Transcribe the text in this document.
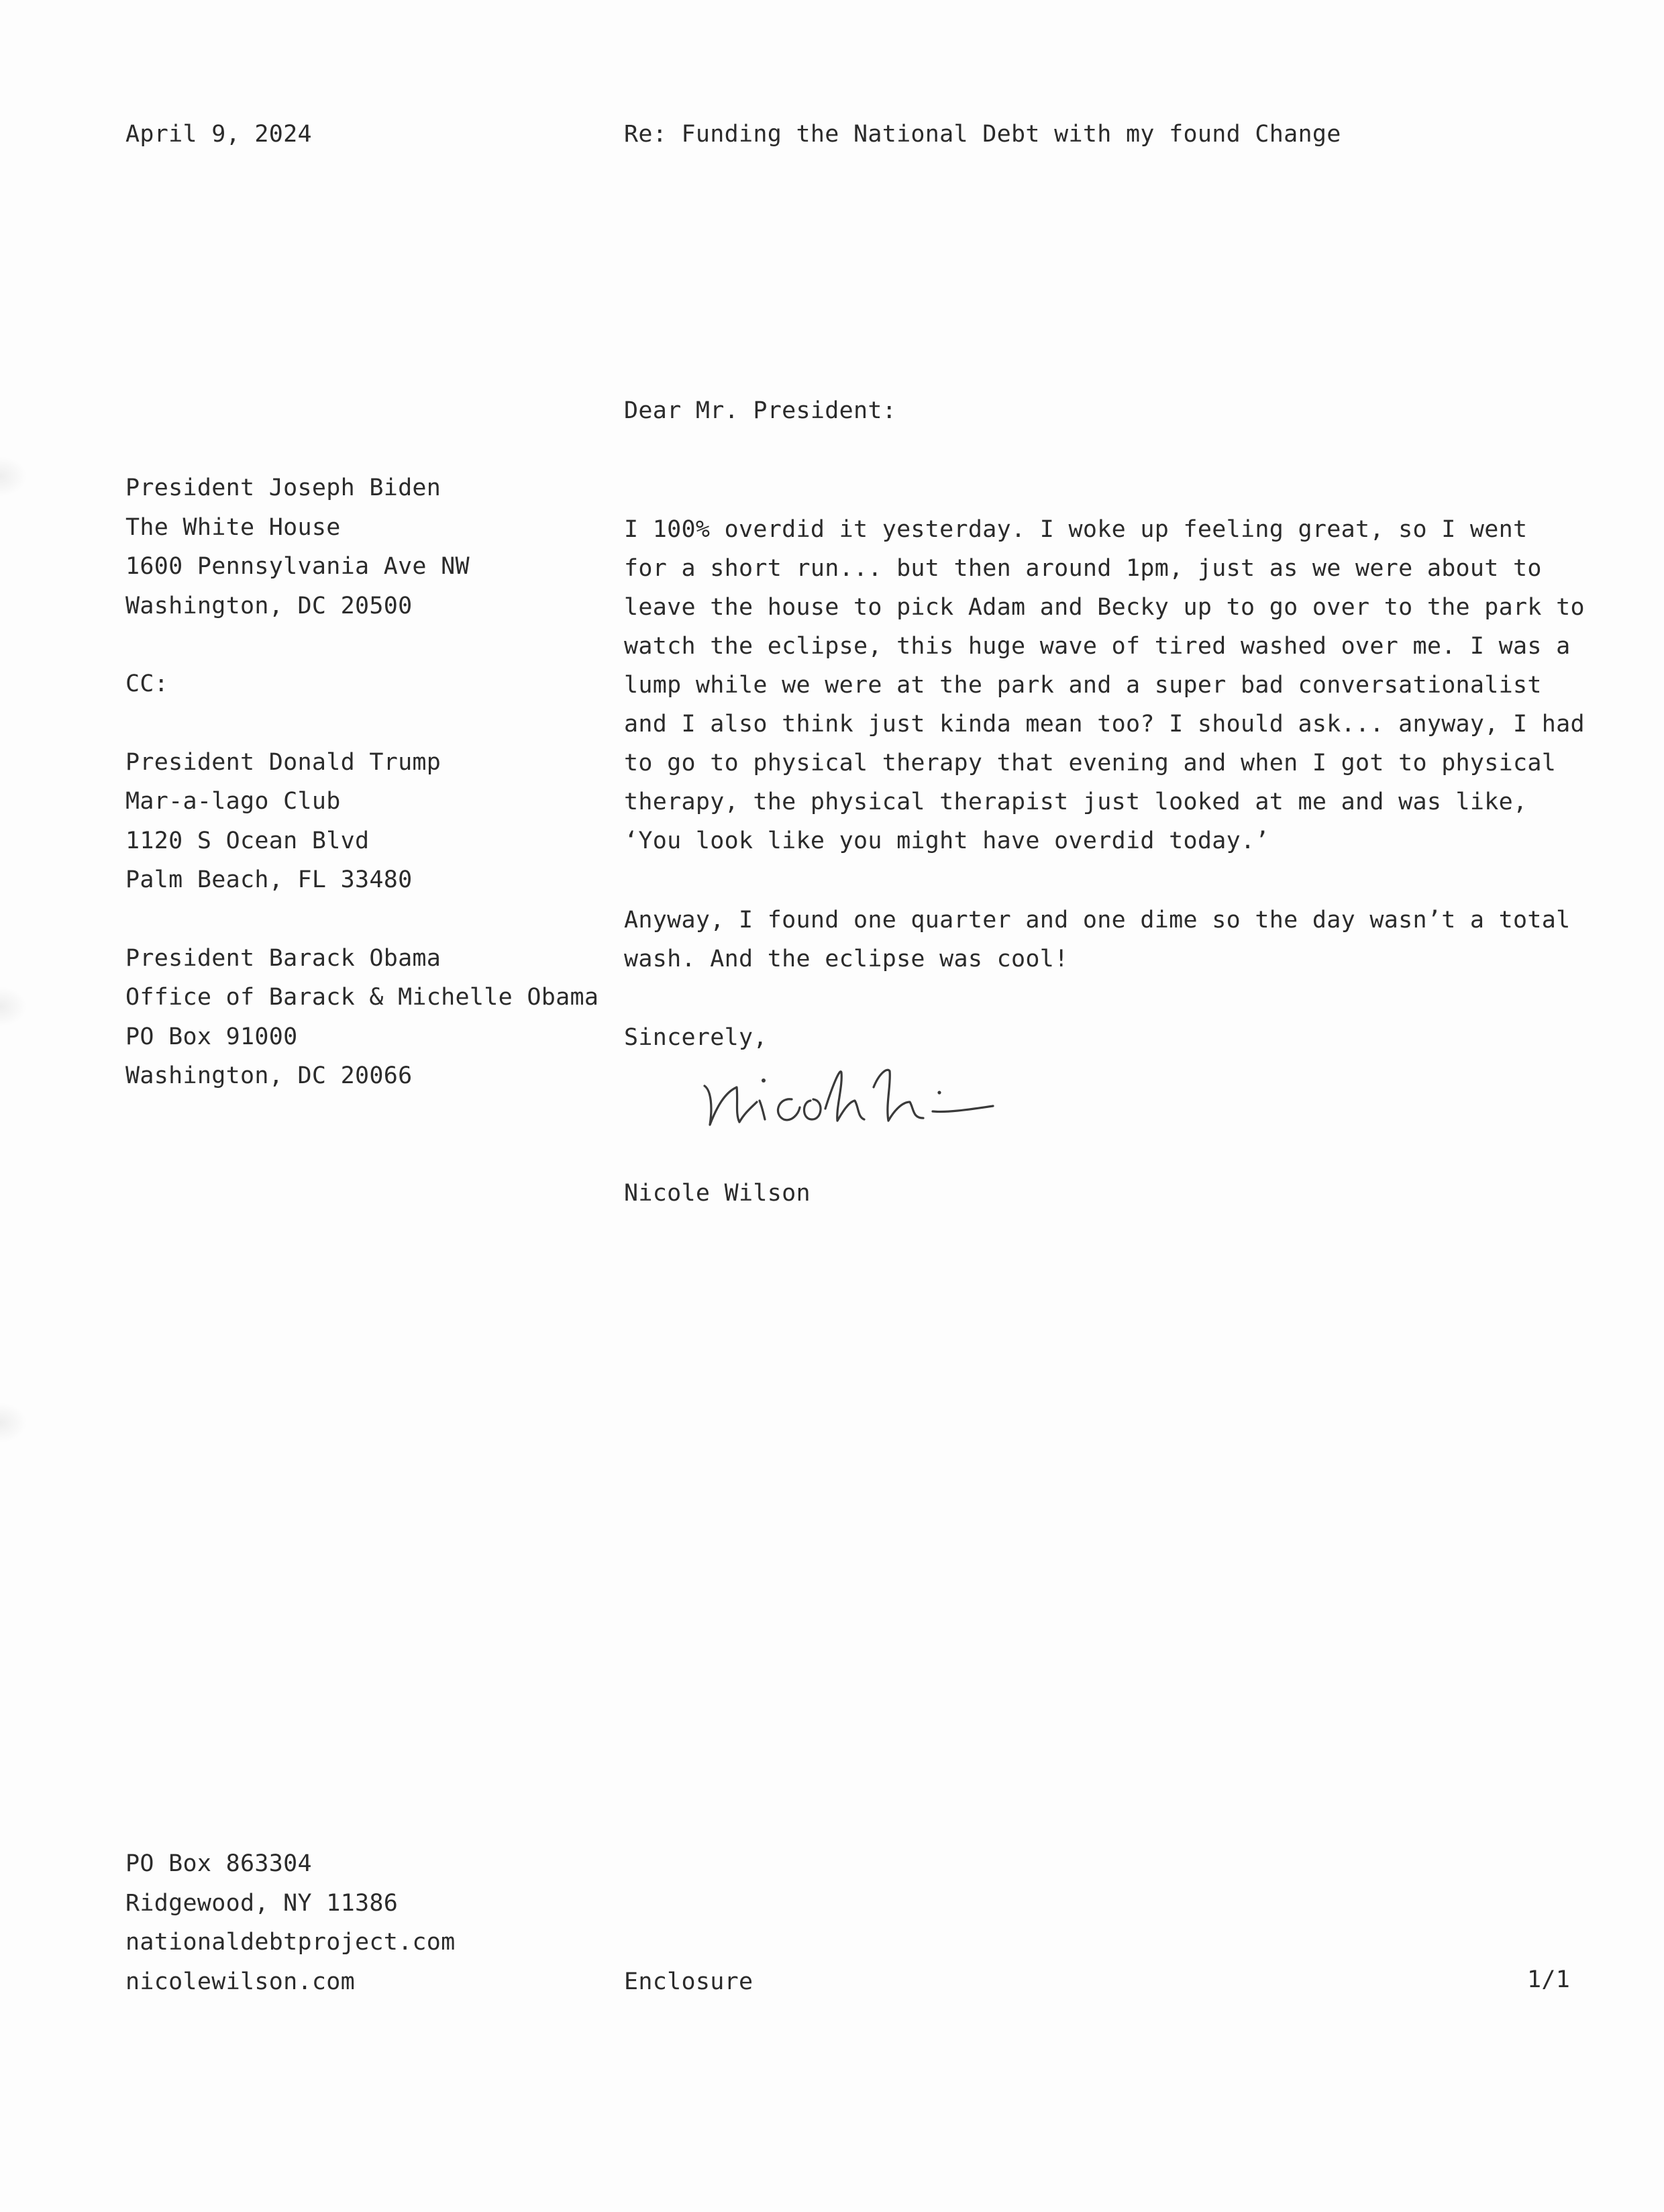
April 9, 2024	Re: Funding the National Debt with my found Change
Dear Mr. President:
President Joseph Biden
The White House
1600 Pennsylvania Ave NW
Washington, DC 20500
CC:
President Donald Trump
Mar-a-lago Club
1120 S Ocean Blvd
Palm Beach, FL 33480
President Barack Obama
Office of Barack & Michelle Obama
PO Box 91000
Washington, DC 20066
I 100% overdid it yesterday. I woke up feeling great, so I went
for a short run... but then around 1pm, just as we were about to
leave the house to pick Adam and Becky up to go over to the park to
watch the eclipse, this huge wave of tired washed over me. I was a
lump while we were at the park and a super bad conversationalist
and I also think just kinda mean too? I should ask... anyway, I had
to go to physical therapy that evening and when I got to physical
therapy, the physical therapist just looked at me and was like,
‘You look like you might have overdid today.’
Anyway, I found one quarter and one dime so the day wasn’t a total
wash. And the eclipse was cool!
Sincerely,
Nicole Wilson
PO Box 863304
Ridgewood, NY 11386
nationaldebtproject.com
nicolewilson.com	Enclosure	1/1
